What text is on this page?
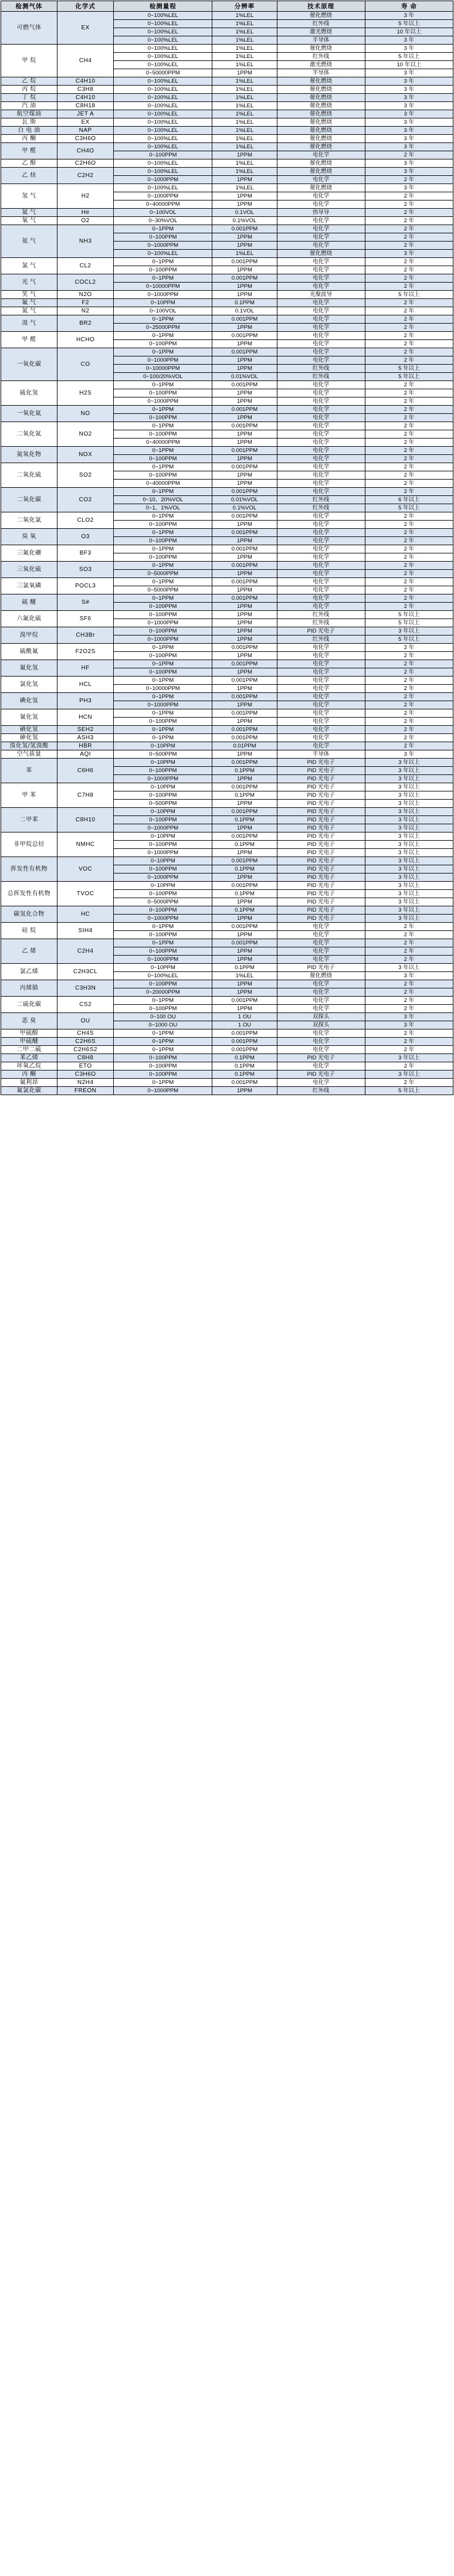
检测气体	化学式	检测量程	分辨率	技术原理	寿 命
可燃气体	EX	0~100%LEL	1%LEL	催化燃烧	3 年
		0~100%LEL	1%LEL	红外线	5 年以上
		0~100%LEL	1%LEL	激光燃烧	10 年以上
		0~100%LEL	1%LEL	半导体	3 年
甲 烷	CH4	0~100%LEL	1%LEL	催化燃烧	3 年
		0~100%LEL	1%LEL	红外线	5 年以上
		0~100%LEL	1%LEL	激光燃烧	10 年以上
		0~50000PPM	1PPM	半导体	3 年
乙 烷	C4H10	0~100%LEL	1%LEL	催化燃烧	3 年
丙 烷	C3H8	0~100%LEL	1%LEL	催化燃烧	3 年
丁 烷	C4H10	0~100%LEL	1%LEL	催化燃烧	3 年
汽 油	C8H18	0~100%LEL	1%LEL	催化燃烧	3 年
航空煤油	JET A	0~100%LEL	1%LEL	催化燃烧	3 年
瓦 斯	EX	0~100%LEL	1%LEL	催化燃烧	3 年
白 电 油	NAP	0~100%LEL	1%LEL	催化燃烧	3 年
丙 酮	C3H6O	0~100%LEL	1%LEL	催化燃烧	3 年
甲 醛	CH4O	0~100%LEL	1%LEL	催化燃烧	3 年
		0~100PPM	1PPM	电化学	2 年
乙 醇	C2H6O	0~100%LEL	1%LEL	催化燃烧	3 年
乙 炔	C2H2	0~100%LEL	1%LEL	催化燃烧	3 年
		0~1000PPM	1PPM	电化学	2 年
氢 气	H2	0~100%LEL	1%LEL	催化燃烧	3 年
		0~1000PPM	1PPM	电化学	2 年
		0~40000PPM	1PPM	电化学	2 年
氦 气	He	0~100VOL	0.1VOL	热导导	2 年
氧 气	O2	0~30%VOL	0.1%VOL	电化学	2 年
氨 气	NH3	0~1PPM	0.001PPM	电化学	2 年
		0~100PPM	1PPM	电化学	2 年
		0~1000PPM	1PPM	电化学	2 年
		0~100%LEL	1%LEL	催化燃烧	3 年
氯 气	CL2	0~1PPM	0.001PPM	电化学	2 年
		0~100PPM	1PPM	电化学	2 年
光 气	COCL2	0~1PPM	0.001PPM	电化学	2 年
		0~10000PPM	1PPM	电化学	2 年
笑 气	N2O	0~1000PPM	1PPM	光聚波导	5 年以上
氟 气	F2	0~10PPM	0.1PPM	电化学	2 年
氮 气	N2	0~100VOL	0.1VOL	电化学	2 年
溴 气	BR2	0~1PPM	0.001PPM	电化学	2 年
		0~25000PPM	1PPM	电化学	2 年
甲 醛	HCHO	0~1PPM	0.001PPM	电化学	2 年
		0~100PPM	1PPM	电化学	2 年
一氧化碳	CO	0~1PPM	0.001PPM	电化学	2 年
		0~1000PPM	1PPM	电化学	2 年
		0~10000PPM	1PPM	红外线	5 年以上
		0~100/20%VOL	0.01%VOL	红外线	5 年以上
硫化氢	H2S	0~1PPM	0.001PPM	电化学	2 年
		0~100PPM	1PPM	电化学	2 年
		0~1000PPM	1PPM	电化学	2 年
一氧化氮	NO	0~1PPM	0.001PPM	电化学	2 年
		0~100PPM	1PPM	电化学	2 年
二氧化氮	NO2	0~1PPM	0.001PPM	电化学	2 年
		0~100PPM	1PPM	电化学	2 年
		0~40000PPM	1PPM	电化学	2 年
氮氧化物	NOX	0~1PPM	0.001PPM	电化学	2 年
		0~100PPM	1PPM	电化学	2 年
二氧化硫	SO2	0~1PPM	0.001PPM	电化学	2 年
		0~100PPM	1PPM	电化学	2 年
		0~40000PPM	1PPM	电化学	2 年
二氧化碳	CO2	0~1PPM	0.001PPM	电化学	2 年
		0~10、20%VOL	0.01%VOL	红外线	6 年以上
		0~1、1%VOL	0.1%VOL	红外线	5 年以上
二氧化氯	CLO2	0~1PPM	0.001PPM	电化学	2 年
		0~100PPM	1PPM	电化学	2 年
臭 氧	O3	0~1PPM	0.001PPM	电化学	2 年
		0~100PPM	1PPM	电化学	2 年
三氟化硼	BF3	0~1PPM	0.001PPM	电化学	2 年
		0~100PPM	1PPM	电化学	2 年
三氧化硫	SO3	0~1PPM	0.001PPM	电化学	2 年
		0~5000PPM	1PPM	电化学	2 年
三氯氧磷	POCL3	0~1PPM	0.001PPM	电化学	2 年
		0~5000PPM	1PPM	电化学	2 年
硫 醚	S#	0~1PPM	0.001PPM	电化学	2 年
		0~100PPM	1PPM	电化学	2 年
六氟化硫	SF6	0~100PPM	1PPM	红外线	5 年以上
		0~1000PPM	1PPM	红外线	5 年以上
溴甲烷	CH3Br	0~100PPM	1PPM	PID 光电子	3 年以上
		0~1000PPM	1PPM	红外线	5 年以上
硫酰氟	F2O2S	0~1PPM	0.001PPM	电化学	2 年
		0~100PPM	1PPM	电化学	2 年
氟化氢	HF	0~1PPM	0.001PPM	电化学	2 年
		0~100PPM	1PPM	电化学	2 年
氯化氢	HCL	0~1PPM	0.001PPM	电化学	2 年
		0~10000PPM	1PPM	电化学	2 年
碘化氢	PH3	0~1PPM	0.001PPM	电化学	2 年
		0~1000PPM	1PPM	电化学	2 年
氰化氢	HCN	0~1PPM	0.001PPM	电化学	2 年
		0~100PPM	1PPM	电化学	2 年
硒化氢	SEH2	0~1PPM	0.001PPM	电化学	2 年
砷化氢	ASH3	0~1PPM	0.001PPM	电化学	2 年
溴化氢/氢溴酸	HBR	0~10PPM	0.01PPM	电化学	2 年
空气质量	AQI	0~500PPM	1PPM	半导体	3 年
苯	C6H6	0~10PPM	0.001PPM	PID 光电子	3 年以上
		0~100PPM	0.1PPM	PID 光电子	3 年以上
		0~1000PPM	1PPM	PID 光电子	3 年以上
甲 苯	C7H8	0~10PPM	0.001PPM	PID 光电子	3 年以上
		0~100PPM	0.1PPM	PID 光电子	3 年以上
		0~500PPM	1PPM	PID 光电子	3 年以上
二甲苯	C8H10	0~10PPM	0.001PPM	PID 光电子	3 年以上
		0~100PPM	0.1PPM	PID 光电子	3 年以上
		0~1000PPM	1PPM	PID 光电子	3 年以上
非甲烷总烃	NMHC	0~10PPM	0.001PPM	PID 光电子	3 年以上
		0~100PPM	0.1PPM	PID 光电子	3 年以上
		0~1000PPM	1PPM	PID 光电子	3 年以上
挥发性有机物	VOC	0~10PPM	0.001PPM	PID 光电子	3 年以上
		0~100PPM	0.1PPM	PID 光电子	3 年以上
		0~1000PPM	1PPM	PID 光电子	3 年以上
总挥发性有机物	TVOC	0~10PPM	0.001PPM	PID 光电子	3 年以上
		0~100PPM	0.1PPM	PID 光电子	3 年以上
		0~5000PPM	1PPM	PID 光电子	3 年以上
碳氢化合物	HC	0~100PPM	0.1PPM	PID 光电子	3 年以上
		0~1000PPM	1PPM	PID 光电子	3 年以上
硅 烷	SIH4	0~1PPM	0.001PPM	电化学	2 年
		0~100PPM	1PPM	电化学	2 年
乙 烯	C2H4	0~1PPM	0.001PPM	电化学	2 年
		0~100PPM	1PPM	电化学	2 年
		0~1000PPM	1PPM	电化学	2 年
氯乙烯	C2H3CL	0~10PPM	0.1PPM	PID 光电子	3 年以上
		0~100%LEL	1%LEL	催化燃烧	3 年
丙烯腈	C3H3N	0~100PPM	1PPM	电化学	2 年
		0~20000PPM	1PPM	电化学	2 年
二硫化碳	CS2	0~1PPM	0.001PPM	电化学	2 年
		0~100PPM	1PPM	电化学	2 年
恶 臭	OU	0~100 OU	1 OU	双探头	3 年
		0~1000 OU	1 OU	双探头	3 年
甲硫醇	CH4S	0~1PPM	0.001PPM	电化学	2 年
甲硫醚	C2H6S	0~1PPM	0.001PPM	电化学	2 年
二甲二硫	C2H6S2	0~1PPM	0.001PPM	电化学	2 年
苯乙烯	C8H8	0~100PPM	0.1PPM	PID 光电子	3 年以上
环氧乙烷	ETO	0~100PPM	0.1PPM	电化学	2 年
丙 酮	C3H6O	0~100PPM	0.1PPM	PID 光电子	3 年以上
氟利昂	N2H4	0~1PPM	0.001PPM	电化学	2 年
氟氯化碳	FREON	0~1000PPM	1PPM	红外线	5 年以上
